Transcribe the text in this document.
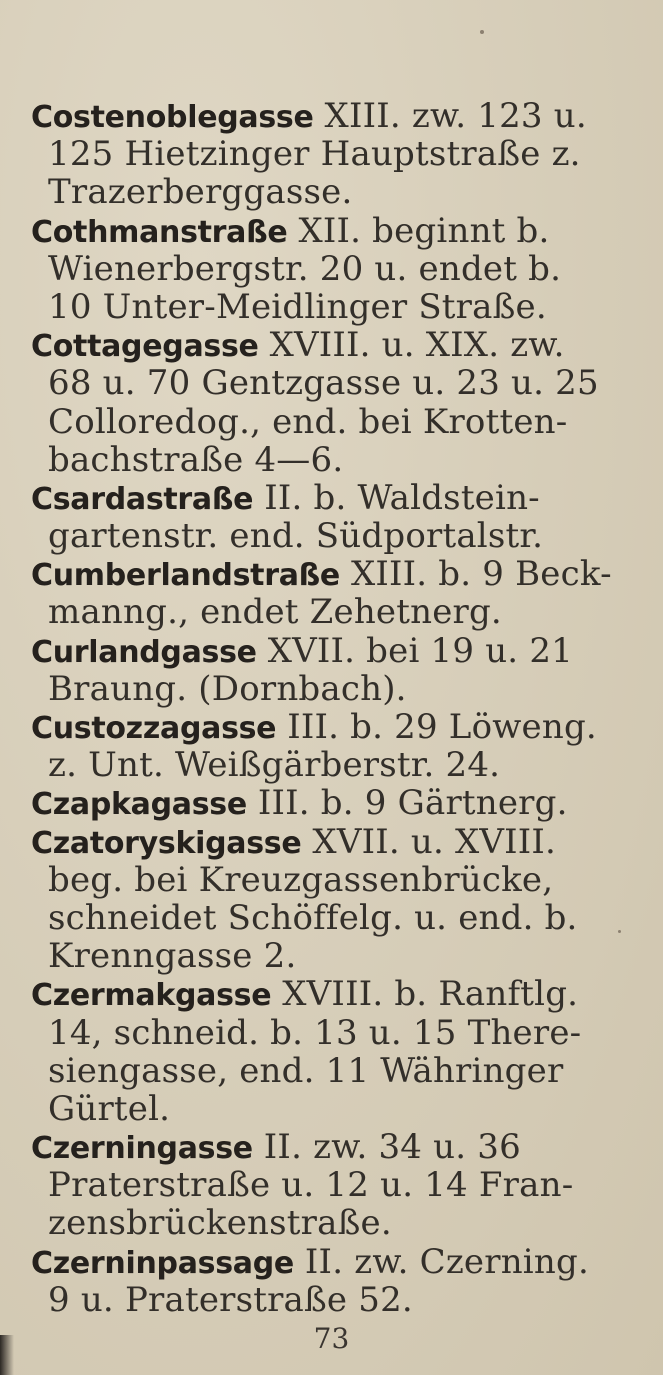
Costenoblegasse XIII. zw. 123 u.
125 Hietzinger Hauptstraße z.
Trazerberggasse.
Cothmanstraße XII. beginnt b.
Wienerbergstr. 20 u. endet b.
10 Unter-Meidlinger Straße.
Cottagegasse XVIII. u. XIX. zw.
68 u. 70 Gentzgasse u. 23 u. 25
Colloredog., end. bei Krotten-
bachstraße 4—6.
Csardastraße II. b. Waldstein-
gartenstr. end. Südportalstr.
Cumberlandstraße XIII. b. 9 Beck-
manng., endet Zehetnerg.
Curlandgasse XVII. bei 19 u. 21
Braung. (Dornbach).
Custozzagasse III. b. 29 Löweng.
z. Unt. Weißgärberstr. 24.
Czapkagasse III. b. 9 Gärtnerg.
Czatoryskigasse XVII. u. XVIII.
beg. bei Kreuzgassenbrücke,
schneidet Schöffelg. u. end. b.
Krenngasse 2.
Czermakgasse XVIII. b. Ranftlg.
14, schneid. b. 13 u. 15 There-
siengasse, end. 11 Währinger
Gürtel.
Czerningasse II. zw. 34 u. 36
Praterstraße u. 12 u. 14 Fran-
zensbrückenstraße.
Czerninpassage II. zw. Czerning.
9 u. Praterstraße 52.
73
